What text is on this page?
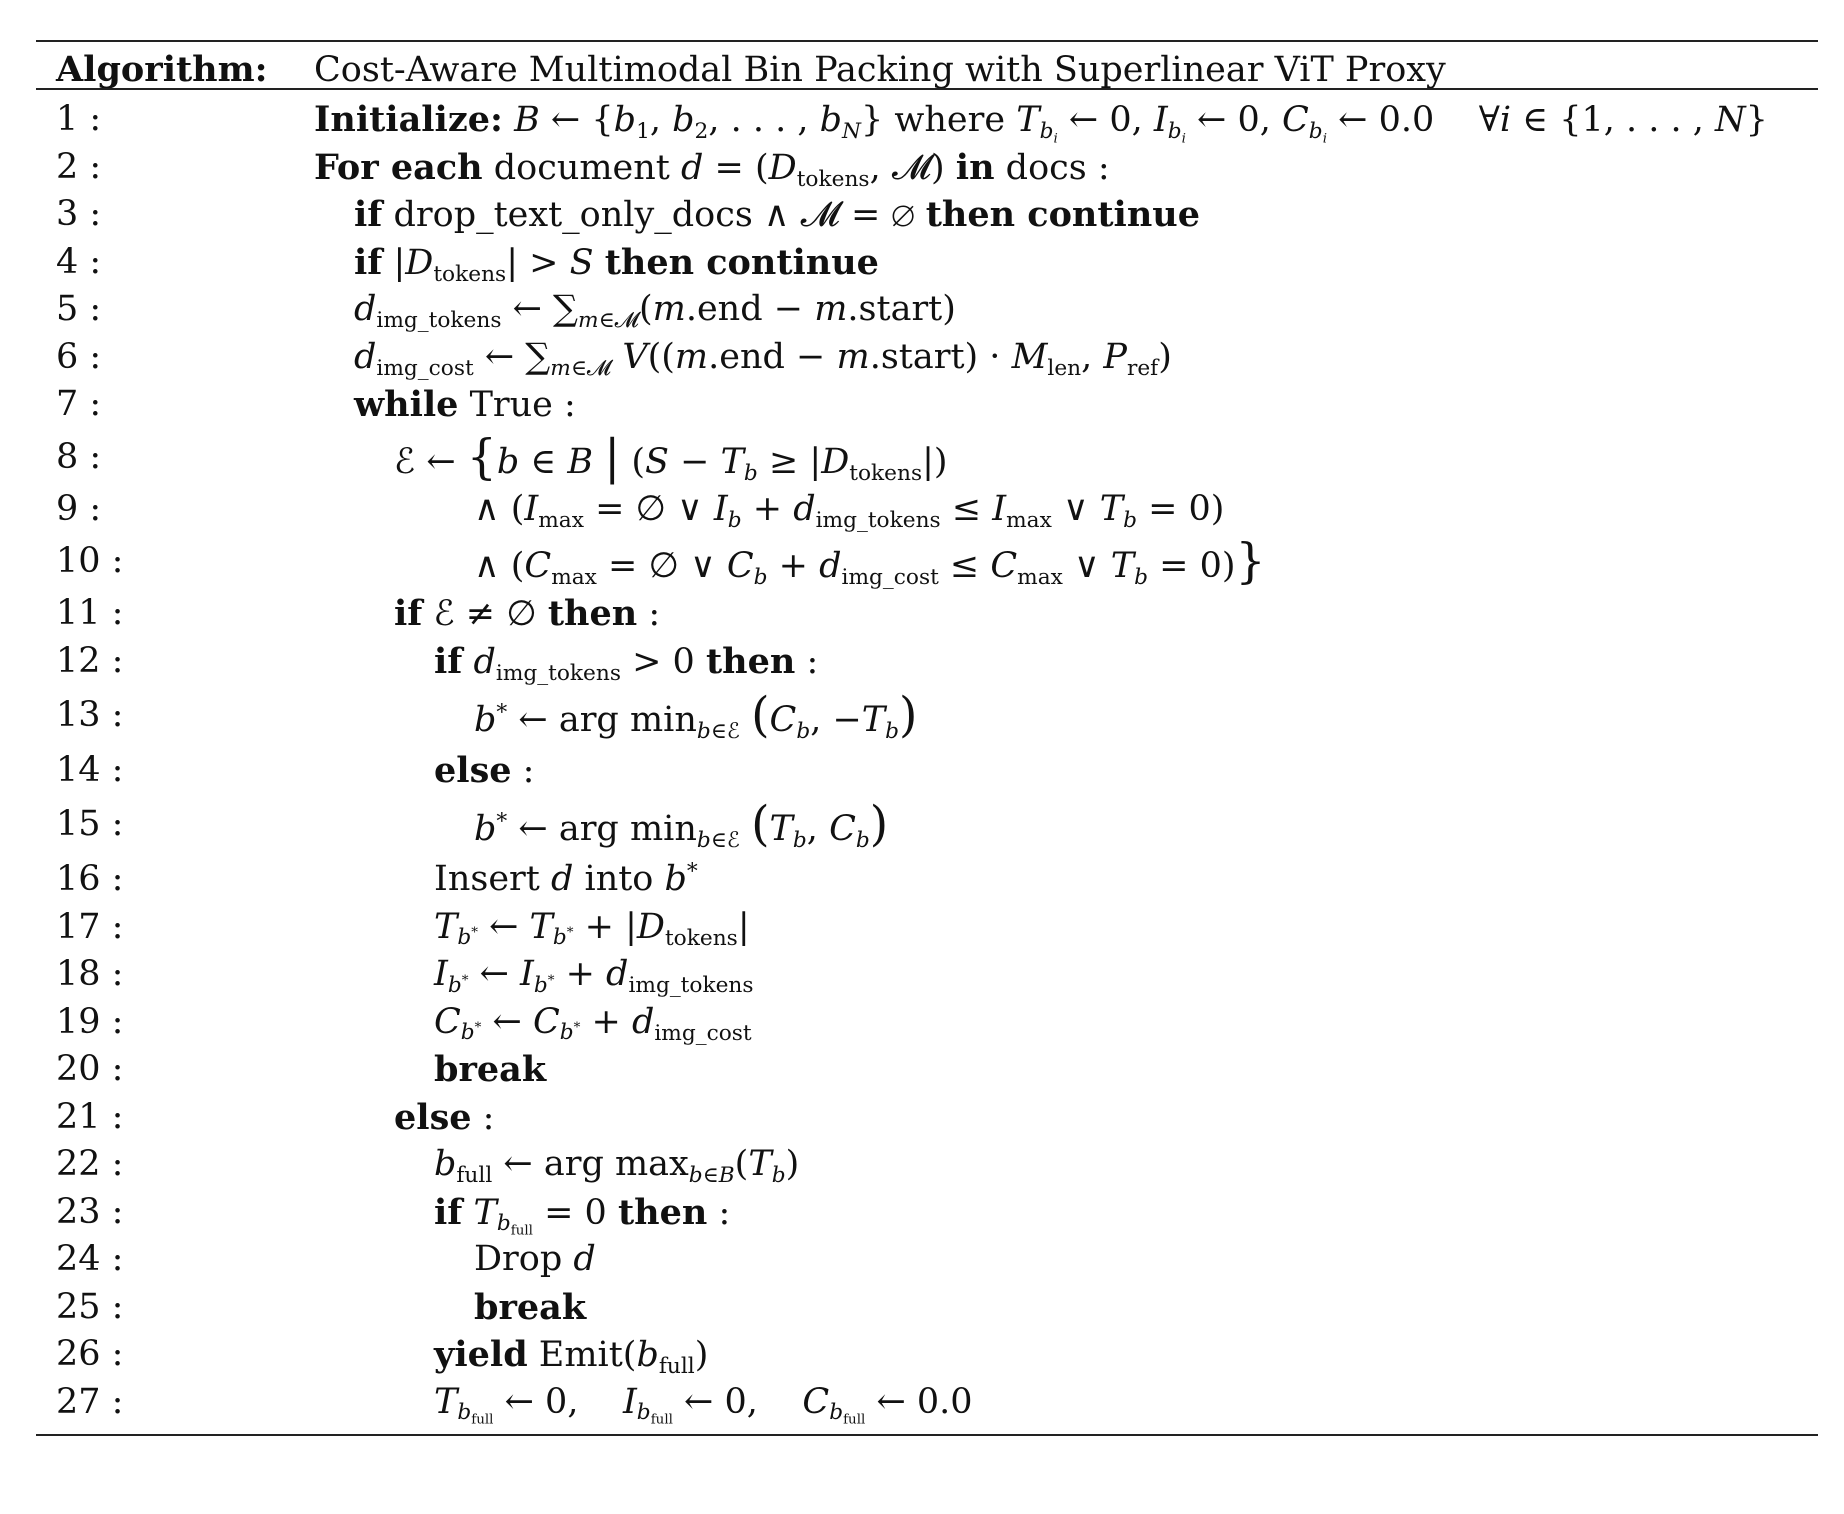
Algorithm: Cost-Aware Multimodal Bin Packing with Superlinear ViT Proxy
1 :	Initialize: B ← {$b_1$, $b_2$, . . . , $b_N$} where $T_{b_i}$ ← 0, $I_{b_i}$ ← 0, $C_{b_i}$ ← 0.0    ∀i ∈ {1, . . . , N}
2 :	For each document $d = (D_{tokens}$, 𝓜) in docs :
3 :	if drop_text_only_docs ∧ 𝓜 = ∅ then continue
4 :	if $|D_{tokens}| > S$ then continue
5 :	$d_{img\_tokens}$ ← $\sum_{m\in 𝓜}(m.end$ − m.start)
6 :	$d_{img\_cost}$ ← $\sum_{m\in 𝓜}$ V((m.end − m.start) · $M_{len}$, $P_{ref}$)
7 :	while True :
8 :	ℰ ← {b ∈ B | $(S - T_b \ge |D_{tokens}|)$
9 :	∧ ($I_{max}$ = ∅ ∨ $I_b + d_{img\_tokens} \le I_{max}$ ∨ $T_b = 0$)
10 :	∧ ($C_{max}$ = ∅ ∨ $C_b + d_{img\_cost} \le C_{max}$ ∨ $T_b = 0$)}
11 :	if ℰ ≠ ∅ then :
12 :	if $d_{img\_tokens} > 0$ then :
13 :	b* ← arg $\min_{b\in ℰ} (C_b$, $-T_b$)
14 :	else :
15 :	b* ← arg $\min_{b\in ℰ} (T_b$, $C_b$)
16 :	Insert d into b*
17 :	$T_{b^*}$ ← $T_{b^*} + |D_{tokens}|$
18 :	$I_{b^*}$ ← $I_{b^*} + d_{img\_tokens}$
19 :	$C_{b^*}$ ← $C_{b^*} + d_{img\_cost}$
20 :	break
21 :	else :
22 :	$b_{full}$ ← arg $\max_{b\in B}(T_b)$
23 :	if $T_{b_{full}} = 0$ then :
24 :	Drop d
25 :	break
26 :	yield $Emit(b_{full})$
27 :	$T_{b_{full}}$ ← 0,    $I_{b_{full}}$ ← 0,    $C_{b_{full}}$ ← 0.0
